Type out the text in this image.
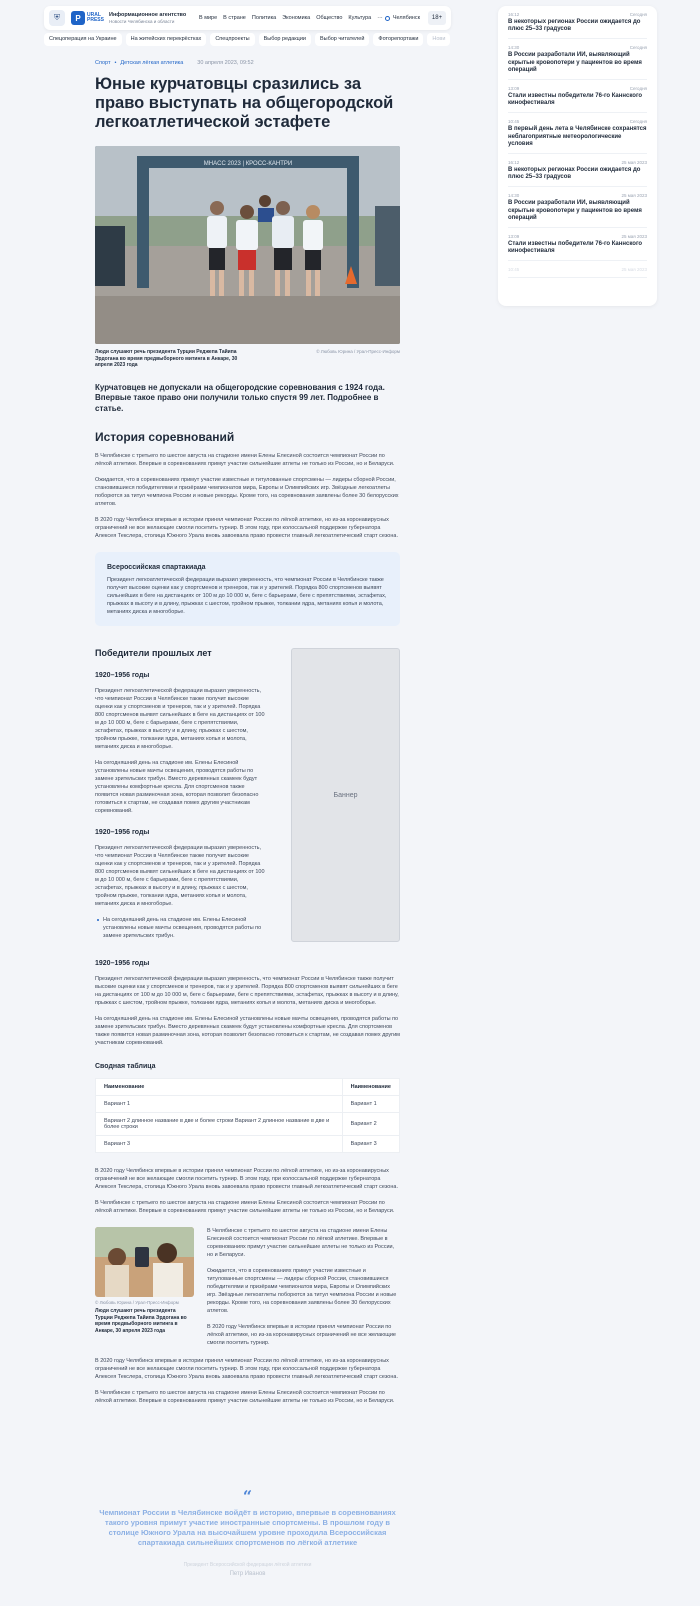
⛨	P	URAL PRESS
Информационное агентство
Новости Челябинска и области
В мире В стране Политика Экономика Общество Культура ··· Челябинск	18+
Спецоперация на Украине	На житейских перекрёстках	Спецпроекты	Выбор редакции	Выбор читателей	Фоторепортажи	Нови
16:12	Сегодня
В некоторых регионах России ожидается до плюс 25–33 градусов
14:30	Сегодня
В России разработали ИИ, выявляющий скрытые кровопотери у пациентов во время операций
13:09	Сегодня
Стали известны победители 76-го Каннского кинофестиваля
10:45	Сегодня
В первый день лета в Челябинске сохранятся неблагоприятные метеорологические условия
16:12	25 мая 2023
В некоторых регионах России ожидается до плюс 25–33 градусов
14:30	25 мая 2023
В России разработали ИИ, выявляющий скрытые кровопотери у пациентов во время операций
13:09	25 мая 2023
Стали известны победители 76-го Каннского кинофестиваля
10:45	25 мая 2023
Спорт • Детская лёгкая атлетика	30 апреля 2023, 09:52
Юные курчатовцы сразились за право выступать на общегородской легкоатлетической эстафете
MHACC 2023 | КРОСС-КАНТРИ
Люди слушают речь президента Турции Реджепа Тайипа Эрдогана во время предвыборного митинга в Анкаре, 30 апреля 2023 года
© Любовь Юрина / Урал-Пресс-Информ
Курчатовцев не допускали на общегородские соревнования с 1924 года. Впервые такое право они получили только спустя 99 лет. Подробнее в статье.
История соревнований

В Челябинске с третьего по шестое августа на стадионе имени Елены Елесиной состоится чемпионат России по лёгкой атлетике. Впервые в соревнованиях примут участие сильнейшие атлеты не только из России, но и Беларуси.

Ожидается, что в соревнованиях примут участие известные и титулованные спортсмены — лидеры сборной России, становившиеся победителями и призёрами чемпионатов мира, Европы и Олимпийских игр. Звёздные легкоатлеты поборются за титул чемпиона России и новые рекорды. Кроме того, на соревнования заявлены более 30 белорусских атлетов.

В 2020 году Челябинск впервые в истории принял чемпионат России по лёгкой атлетике, но из-за коронавирусных ограничений не все желающие смогли посетить турнир. В этом году, при колоссальной поддержке губернатора Алексея Текслера, столица Южного Урала вновь завоевала право провести главный легкоатлетический старт сезона.

Всероссийская спартакиада

Президент легкоатлетической федерации выразил уверенность, что чемпионат России в Челябинске также получит высокие оценки как у спортсменов и тренеров, так и у зрителей. Порядка 800 спортсменов выявят сильнейших в беге на дистанциях от 100 м до 10 000 м, беге с барьерами, беге с препятствиями, эстафетах, прыжках в высоту и в длину, прыжках с шестом, тройном прыжке, толкании ядра, метаниях копья и молота, метаниях диска и многоборье.

Победители прошлых лет
1920–1956 годы

Президент легкоатлетической федерации выразил уверенность, что чемпионат России в Челябинске также получит высокие оценки как у спортсменов и тренеров, так и у зрителей. Порядка 800 спортсменов выявят сильнейших в беге на дистанциях от 100 м до 10 000 м, беге с барьерами, беге с препятствиями, эстафетах, прыжках в высоту и в длину, прыжках с шестом, тройном прыжке, толкании ядра, метаниях копья и молота, метаниях диска и многоборье.

На сегодняшний день на стадионе им. Елены Елесиной установлены новые мачты освещения, проводятся работы по замене зрительских трибун. Вместо деревянных скамеек будут установлены комфортные кресла. Для спортсменов также появится новая разминочная зона, которая позволит безопасно готовиться к стартам, не создавая помех другим участникам соревнований.

1920–1956 годы

Президент легкоатлетической федерации выразил уверенность, что чемпионат России в Челябинске также получит высокие оценки как у спортсменов и тренеров, так и у зрителей. Порядка 800 спортсменов выявят сильнейших в беге на дистанциях от 100 м до 10 000 м, беге с барьерами, беге с препятствиями, эстафетах, прыжках в высоту и в длину, прыжках с шестом, тройном прыжке, толкании ядра, метаниях копья и молота, метаниях диска и многоборье.

На сегодняшний день на стадионе им. Елены Елесиной установлены новые мачты освещения, проводятся работы по замене зрительских трибун.
Баннер
1920–1956 годы

Президент легкоатлетической федерации выразил уверенность, что чемпионат России в Челябинске также получит высокие оценки как у спортсменов и тренеров, так и у зрителей. Порядка 800 спортсменов выявят сильнейших в беге на дистанциях от 100 м до 10 000 м, беге с барьерами, беге с препятствиями, эстафетах, прыжках в высоту и в длину, прыжках с шестом, тройном прыжке, толкании ядра, метаниях копья и молота, метаниях диска и многоборье.

На сегодняшний день на стадионе им. Елены Елесиной установлены новые мачты освещения, проводятся работы по замене зрительских трибун. Вместо деревянных скамеек будут установлены комфортные кресла. Для спортсменов также появится новая разминочная зона, которая позволит безопасно готовиться к стартам, не создавая помех другим участникам соревнований.

Сводная таблица
Наименование	Наименование
Вариант 1	Вариант 1
Вариант 2 длинное название в две и более строки Вариант 2 длинное название в две и более строки	Вариант 2
Вариант 3	Вариант 3

В 2020 году Челябинск впервые в истории принял чемпионат России по лёгкой атлетике, но из-за коронавирусных ограничений не все желающие смогли посетить турнир. В этом году, при колоссальной поддержке губернатора Алексея Текслера, столица Южного Урала вновь завоевала право провести главный легкоатлетический старт сезона.

В Челябинске с третьего по шестое августа на стадионе имени Елены Елесиной состоится чемпионат России по лёгкой атлетике. Впервые в соревнованиях примут участие сильнейшие атлеты не только из России, но и Беларуси.

© Любовь Юрина / Урал-Пресс-Информ
Люди слушают речь президента Турции Реджепа Тайипа Эрдогана во время предвыборного митинга в Анкаре, 30 апреля 2023 года

В Челябинске с третьего по шестое августа на стадионе имени Елены Елесиной состоится чемпионат России по лёгкой атлетике. Впервые в соревнованиях примут участие сильнейшие атлеты не только из России, но и Беларуси.

Ожидается, что в соревнованиях примут участие известные и титулованные спортсмены — лидеры сборной России, становившиеся победителями и призёрами чемпионатов мира, Европы и Олимпийских игр. Звёздные легкоатлеты поборются за титул чемпиона России и новые рекорды. Кроме того, на соревнования заявлены более 30 белорусских атлетов.

В 2020 году Челябинск впервые в истории принял чемпионат России по лёгкой атлетике, но из-за коронавирусных ограничений не все желающие смогли посетить турнир.

В 2020 году Челябинск впервые в истории принял чемпионат России по лёгкой атлетике, но из-за коронавирусных ограничений не все желающие смогли посетить турнир. В этом году, при колоссальной поддержке губернатора Алексея Текслера, столица Южного Урала вновь завоевала право провести главный легкоатлетический старт сезона.

В Челябинске с третьего по шестое августа на стадионе имени Елены Елесиной состоится чемпионат России по лёгкой атлетике. Впервые в соревнованиях примут участие сильнейшие атлеты не только из России, но и Беларуси.

“
Чемпионат России в Челябинске войдёт в историю, впервые в соревнованиях такого уровня примут участие иностранные спортсмены. В прошлом году в столице Южного Урала на высочайшем уровне проходила Всероссийская спартакиада сильнейших спортсменов по лёгкой атлетике
Президент Всероссийской федерации лёгкой атлетики
Петр Иванов
